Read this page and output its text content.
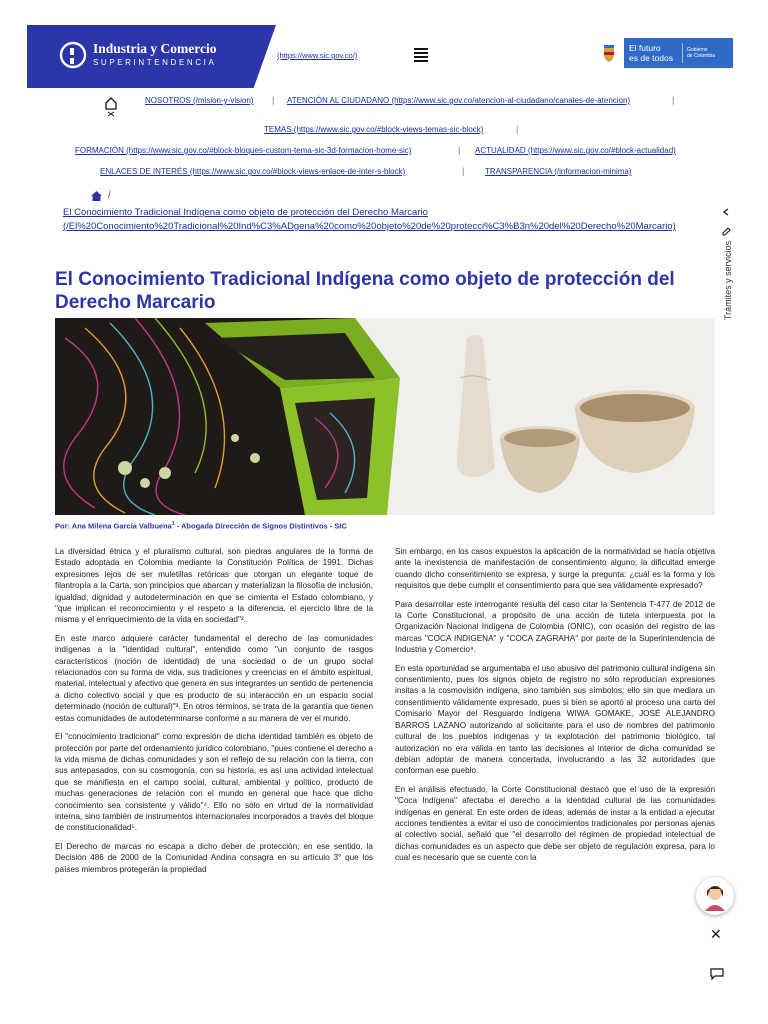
Industria y Comercio
SUPERINTENDENCIA
(https://www.sic.gov.co/)
El futuro
es de todos
Gobierno
de Colombia
NOSOTROS (/mision-y-vision) | ATENCIÓN AL CIUDADANO (https://www.sic.gov.co/atencion-al-ciudadano/canales-de-atencion)	|
TEMAS (https://www.sic.gov.co/#block-views-temas-sic-block)	|
FORMACIÓN (https://www.sic.gov.co/#block-bloques-custom-tema-sic-3d-formacion-home-sic)	| ACTUALIDAD (https://www.sic.gov.co/#block-actualidad)
ENLACES DE INTERÉS (https://www.sic.gov.co/#block-views-enlace-de-inter-s-block)	|	TRANSPARENCIA (/informacion-minima)
/
El Conocimiento Tradicional Indígena como objeto de protección del Derecho Marcario
(/El%20Conocimiento%20Tradicional%20Ind%C3%ADgena%20como%20objeto%20de%20protecci%C3%B3n%20del%20Derecho%20Marcario)
Trámites y servicios
El Conocimiento Tradicional Indígena como objeto de protección del Derecho Marcario
Por: Ana Milena García Valbuena$^1$ - Abogada Dirección de Signos Distintivos - SIC

La diversidad étnica y el pluralismo cultural, son piedras angulares de la forma de Estado adoptada en Colombia mediante la Constitución Política de 1991. Dichas expresiones lejos de ser muletillas retóricas que otorgan un elegante toque de filantropía a la Carta, son principios que abarcan y materializan la filosofía de inclusión, igualdad, dignidad y autodeterminación en que se cimienta el Estado colombiano, y "que implican el reconocimiento y el respeto a la diferencia, el ejercicio libre de la misma y el enriquecimiento de la vida en sociedad"².

En este marco adquiere carácter fundamental el derecho de las comunidades indígenas a la "identidad cultural", entendido como "un conjunto de rasgos característicos (noción de identidad) de una sociedad o de un grupo social relacionados con su forma de vida, sus tradiciones y creencias en el ámbito espiritual, material, intelectual y afectivo que genera en sus integrantes un sentido de pertenencia a dicho colectivo social y que es producto de su interacción en un espacio social determinado (noción de cultural)"³. En otros términos, se trata de la garantía que tienen estas comunidades de autodeterminarse conforme a su manera de ver el mundo.

El "conocimiento tradicional" como expresión de dicha identidad también es objeto de protección por parte del ordenamiento jurídico colombiano, "pues contiene el derecho a la vida misma de dichas comunidades y son el reflejo de su relación con la tierra, con sus antepasados, con su cosmogonía, con su historia, es así una actividad intelectual que se manifiesta en el campo social, cultural, ambiental y político, producto de muchas generaciones de relación con el mundo en general que hace que dicho conocimiento sea consistente y válido"⁴. Ello no sólo en virtud de la normatividad interna, sino también de instrumentos internacionales incorporados a través del bloque de constitucionalidad⁵.

El Derecho de marcas no escapa a dicho deber de protección; en ese sentido, la Decisión 486 de 2000 de la Comunidad Andina consagra en su artículo 3° que los países miembros protegerán la propiedad

Sin embargo, en los casos expuestos la aplicación de la normatividad se hacía objetiva ante la inexistencia de manifestación de consentimiento alguno; la dificultad emerge cuando dicho consentimiento se expresa, y surge la pregunta: ¿cuál es la forma y los requisitos que debe cumplir el consentimiento para que sea válidamente expresado?

Para desarrollar este interrogante resulta del caso citar la Sentencia T-477 de 2012 de la Corte Constitucional, a propósito de una acción de tutela interpuesta por la Organización Nacional Indígena de Colombia (ONIC), con ocasión del registro de las marcas "COCA INDIGENA" y "COCA ZAGRAHA" por parte de la Superintendencia de Industria y Comercio⁹.

En esta oportunidad se argumentaba el uso abusivo del patrimonio cultural indígena sin consentimiento, pues los signos objeto de registro no sólo reproducían expresiones insitas a la cosmovisión indígena, sino también sus símbolos; ello sin que mediara un consentimiento válidamente expresado, pues si bien se aportó al proceso una carta del Comisario Mayor del Resguardo Indígena WIWA GOMAKE, JOSÉ ALEJANDRO BARROS LAZANO autorizando al solicitante para el uso de nombres del patrimonio cultural de los pueblos indígenas y la explotación del patrimonio biológico, tal autorización no era válida en tanto las decisiones al interior de dicha comunidad se debían adoptar de manera concertada, involucrando a las 32 autoridades que conforman ese pueblo.

En el análisis efectuado, la Corte Constitucional destacó que el uso de la expresión "Coca Indígena" afectaba el derecho a la identidad cultural de las comunidades indígenas en general. En este orden de ideas, además de instar a la entidad a ejecutar acciones tendientes a evitar el uso de conocimientos tradicionales por personas ajenas al colectivo social, señaló que "el desarrollo del régimen de propiedad intelectual de dichas comunidades es un aspecto que debe ser objeto de regulación expresa, para lo cual es necesario que se cuente con la

✕
